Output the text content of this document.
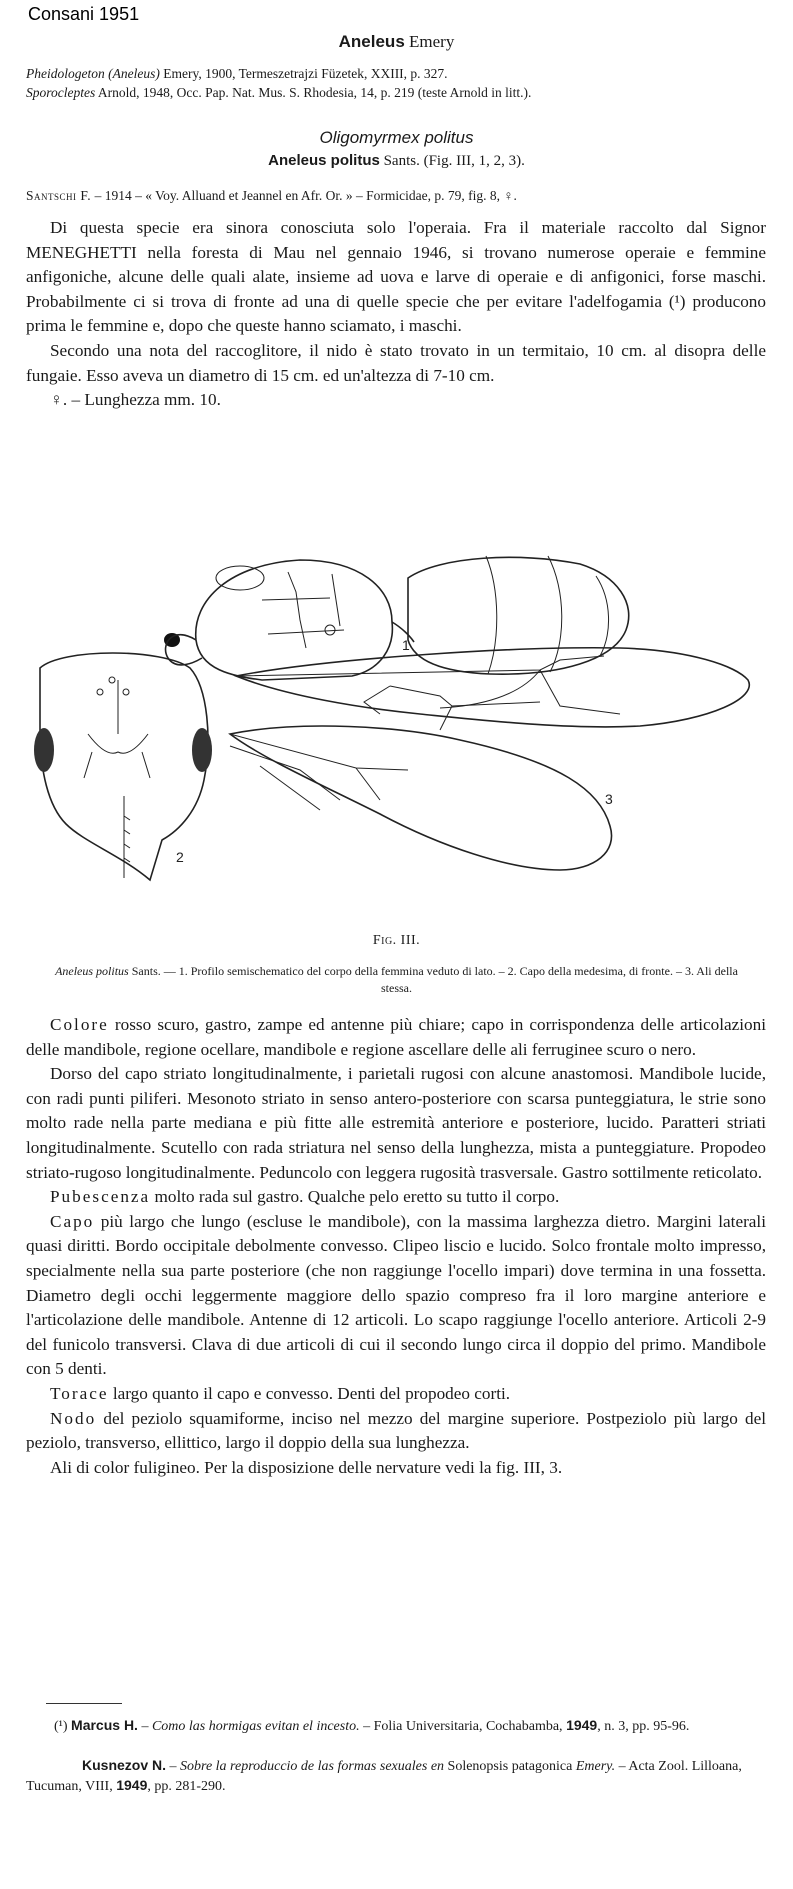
Consani 1951
Aneleus Emery
Pheidologeton (Aneleus) Emery, 1900, Termeszetrajzi Füzetek, XXIII, p. 327.
Sporocleptes Arnold, 1948, Occ. Pap. Nat. Mus. S. Rhodesia, 14, p. 219 (teste Arnold in litt.).
Oligomyrmex politus
Aneleus politus Sants. (Fig. III, 1, 2, 3).
Santschi F. – 1914 – « Voy. Alluand et Jeannel en Afr. Or. » – Formicidae, p. 79, fig. 8, ♀.

Di questa specie era sinora conosciuta solo l'operaia. Fra il materiale raccolto dal Signor MENEGHETTI nella foresta di Mau nel gennaio 1946, si trovano numerose operaie e femmine anfigoniche, alcune delle quali alate, insieme ad uova e larve di operaie e di anfigonici, forse maschi. Probabilmente ci si trova di fronte ad una di quelle specie che per evitare l'adelfogamia (¹) producono prima le femmine e, dopo che queste hanno sciamato, i maschi.

Secondo una nota del raccoglitore, il nido è stato trovato in un termitaio, 10 cm. al disopra delle fungaie. Esso aveva un diametro di 15 cm. ed un'altezza di 7-10 cm.

♀. – Lunghezza mm. 10.

1
2
3
Fig. III.
Aneleus politus Sants. — 1. Profilo semischematico del corpo della femmina veduto di lato. – 2. Capo della medesima, di fronte. – 3. Ali della stessa.

Colore rosso scuro, gastro, zampe ed antenne più chiare; capo in corrispondenza delle articolazioni delle mandibole, regione ocellare, mandibole e regione ascellare delle ali ferruginee scuro o nero.

Dorso del capo striato longitudinalmente, i parietali rugosi con alcune anastomosi. Mandibole lucide, con radi punti piliferi. Mesonoto striato in senso antero-posteriore con scarsa punteggiatura, le strie sono molto rade nella parte mediana e più fitte alle estremità anteriore e posteriore, lucido. Paratteri striati longitudinalmente. Scutello con rada striatura nel senso della lunghezza, mista a punteggiature. Propodeo striato-rugoso longitudinalmente. Peduncolo con leggera rugosità trasversale. Gastro sottilmente reticolato.

Pubescenza molto rada sul gastro. Qualche pelo eretto su tutto il corpo.

Capo più largo che lungo (escluse le mandibole), con la massima larghezza dietro. Margini laterali quasi diritti. Bordo occipitale debolmente convesso. Clipeo liscio e lucido. Solco frontale molto impresso, specialmente nella sua parte posteriore (che non raggiunge l'ocello impari) dove termina in una fossetta. Diametro degli occhi leggermente maggiore dello spazio compreso fra il loro margine anteriore e l'articolazione delle mandibole. Antenne di 12 articoli. Lo scapo raggiunge l'ocello anteriore. Articoli 2-9 del funicolo transversi. Clava di due articoli di cui il secondo lungo circa il doppio del primo. Mandibole con 5 denti.

Torace largo quanto il capo e convesso. Denti del propodeo corti.

Nodo del peziolo squamiforme, inciso nel mezzo del margine superiore. Postpeziolo più largo del peziolo, transverso, ellittico, largo il doppio della sua lunghezza.

Ali di color fuligineo. Per la disposizione delle nervature vedi la fig. III, 3.

(¹) Marcus H. – Como las hormigas evitan el incesto. – Folia Universitaria, Cochabamba, 1949, n. 3, pp. 95-96.
Kusnezov N. – Sobre la reproduccio de las formas sexuales en Solenopsis patagonica Emery. – Acta Zool. Lilloana, Tucuman, VIII, 1949, pp. 281-290.
